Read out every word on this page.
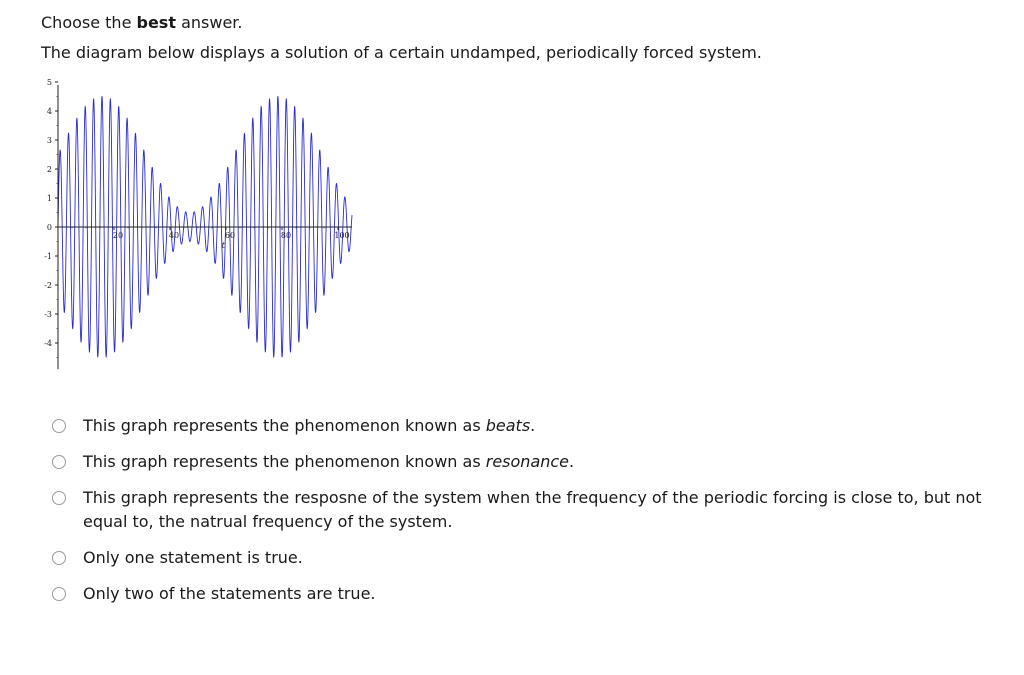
Choose the best answer.
The diagram below displays a solution of a certain undamped, periodically forced system.
5
4
3
2
1
0
-1
-2
-3
-4
20	40	60	80	100
t
This graph represents the phenomenon known as beats.
This graph represents the phenomenon known as resonance.
This graph represents the resposne of the system when the frequency of the periodic forcing is close to, but not equal to, the natrual frequency of the system.
Only one statement is true.
Only two of the statements are true.
